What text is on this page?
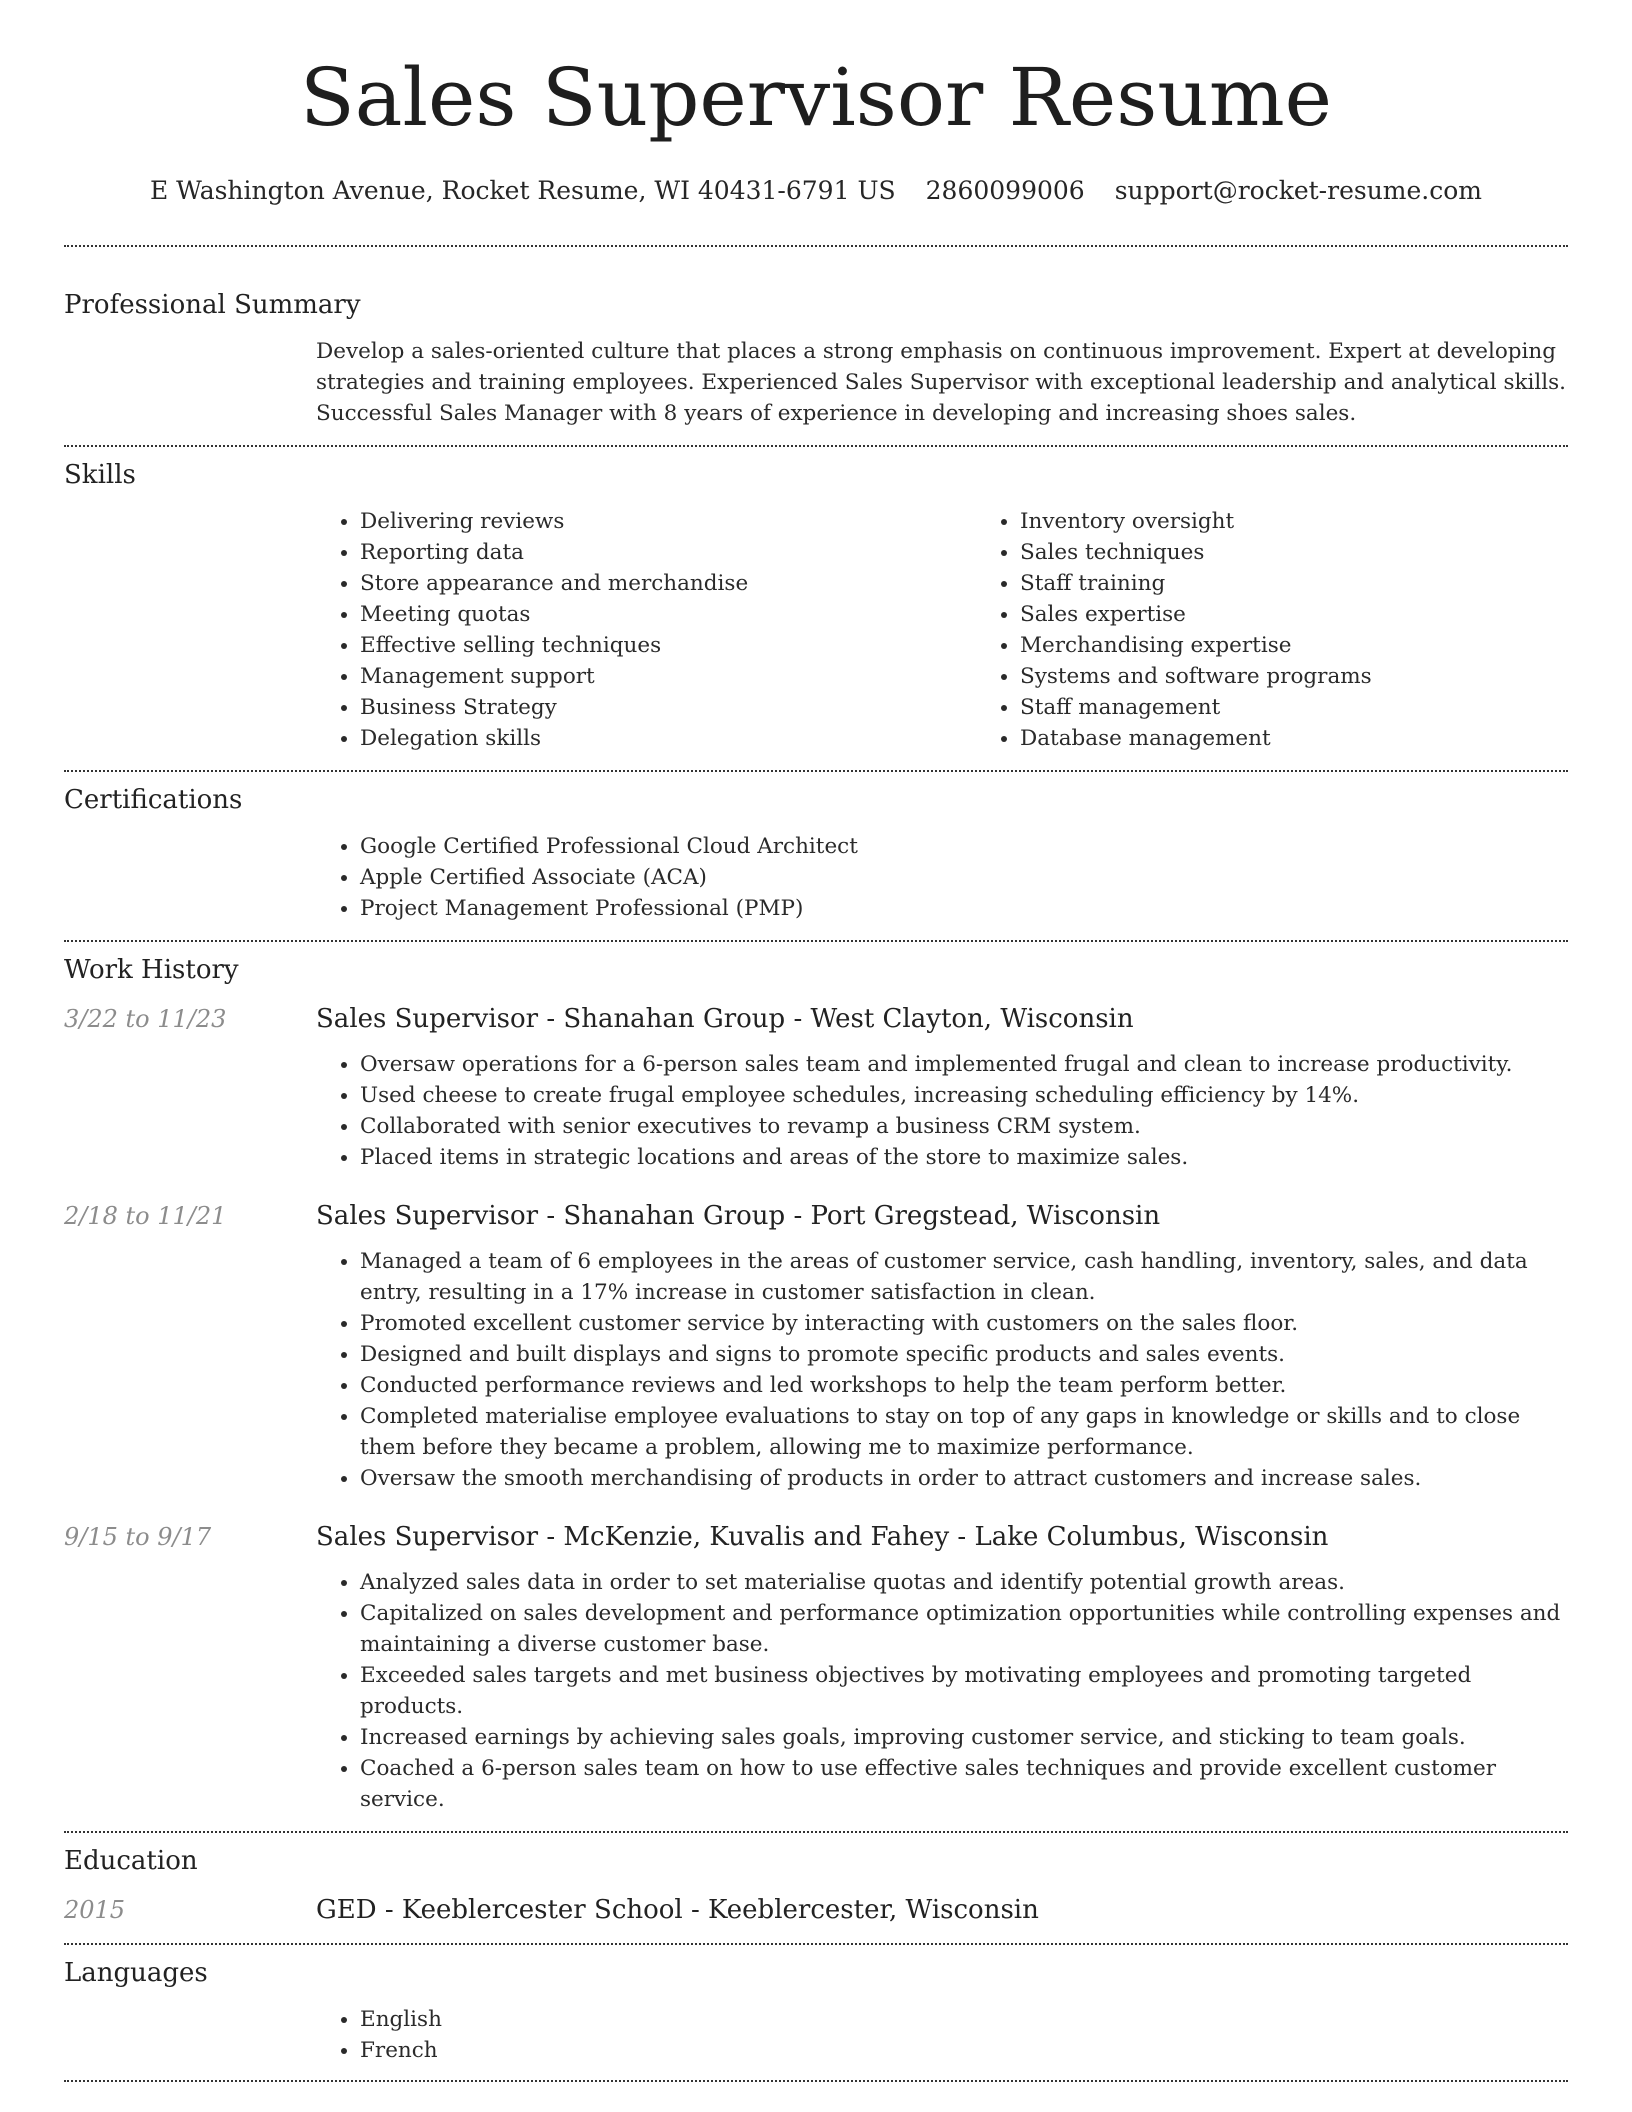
Sales Supervisor Resume
E Washington Avenue, Rocket Resume, WI 40431-6791 US 2860099006 support@rocket-resume.com
Professional Summary
Develop a sales-oriented culture that places a strong emphasis on continuous improvement. Expert at developing strategies and training employees. Experienced Sales Supervisor with exceptional leadership and analytical skills. Successful Sales Manager with 8 years of experience in developing and increasing shoes sales.
Skills
• Delivering reviews
• Reporting data
• Store appearance and merchandise
• Meeting quotas
• Effective selling techniques
• Management support
• Business Strategy
• Delegation skills
• Inventory oversight
• Sales techniques
• Staff training
• Sales expertise
• Merchandising expertise
• Systems and software programs
• Staff management
• Database management
Certifications
• Google Certified Professional Cloud Architect
• Apple Certified Associate (ACA)
• Project Management Professional (PMP)
Work History
3/22 to 11/23	Sales Supervisor - Shanahan Group - West Clayton, Wisconsin
• Oversaw operations for a 6-person sales team and implemented frugal and clean to increase productivity.
• Used cheese to create frugal employee schedules, increasing scheduling efficiency by 14%.
• Collaborated with senior executives to revamp a business CRM system.
• Placed items in strategic locations and areas of the store to maximize sales.
2/18 to 11/21	Sales Supervisor - Shanahan Group - Port Gregstead, Wisconsin
• Managed a team of 6 employees in the areas of customer service, cash handling, inventory, sales, and data entry, resulting in a 17% increase in customer satisfaction in clean.
• Promoted excellent customer service by interacting with customers on the sales floor.
• Designed and built displays and signs to promote specific products and sales events.
• Conducted performance reviews and led workshops to help the team perform better.
• Completed materialise employee evaluations to stay on top of any gaps in knowledge or skills and to close them before they became a problem, allowing me to maximize performance.
• Oversaw the smooth merchandising of products in order to attract customers and increase sales.
9/15 to 9/17	Sales Supervisor - McKenzie, Kuvalis and Fahey - Lake Columbus, Wisconsin
• Analyzed sales data in order to set materialise quotas and identify potential growth areas.
• Capitalized on sales development and performance optimization opportunities while controlling expenses and maintaining a diverse customer base.
• Exceeded sales targets and met business objectives by motivating employees and promoting targeted products.
• Increased earnings by achieving sales goals, improving customer service, and sticking to team goals.
• Coached a 6-person sales team on how to use effective sales techniques and provide excellent customer service.
Education
2015	GED - Keeblercester School - Keeblercester, Wisconsin
Languages
• English
• French
